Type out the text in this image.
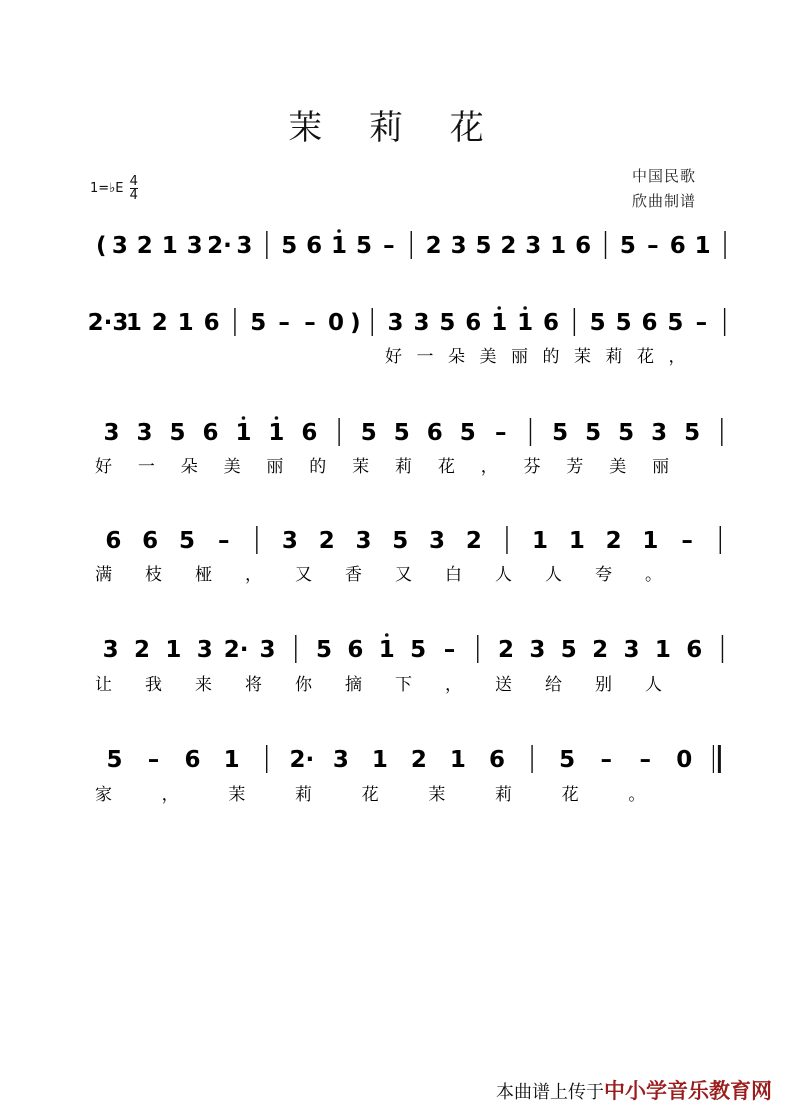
茉 莉 花
1=♭E $\frac{4}{4}$	中国民歌
欣曲制谱
( 3 2 1 3 2· 3 5 6 1 5 – 2 3 5 2 3 1 6 5 – 6 1
2·3
1 2 1 6 5 – – 0 ) 3 3 5 6 1 1 6 5 5 6 5 –
好 一 朵 美 丽 的 茉 莉 花 ，
3 3 5 6 1 1 6 5 5 6 5 – 5 5 5 3 5
好 一 朵 美 丽 的 茉 莉 花 ， 芬 芳 美 丽
6 6 5 – 3 2 3 5 3 2 1 1 2 1 –
满 枝 桠 ， 又 香 又 白 人 人 夸 。
3 2 1 3 2· 3 5 6 1 5 – 2 3 5 2 3 1 6
让 我 来 将 你 摘 下 ， 送 给 别 人
5 – 6 1 2· 3 1 2 1 6 5 – – 0
家	，	茉	莉	花	茉	莉	花	。
本曲谱上传于中小学音乐教育网
